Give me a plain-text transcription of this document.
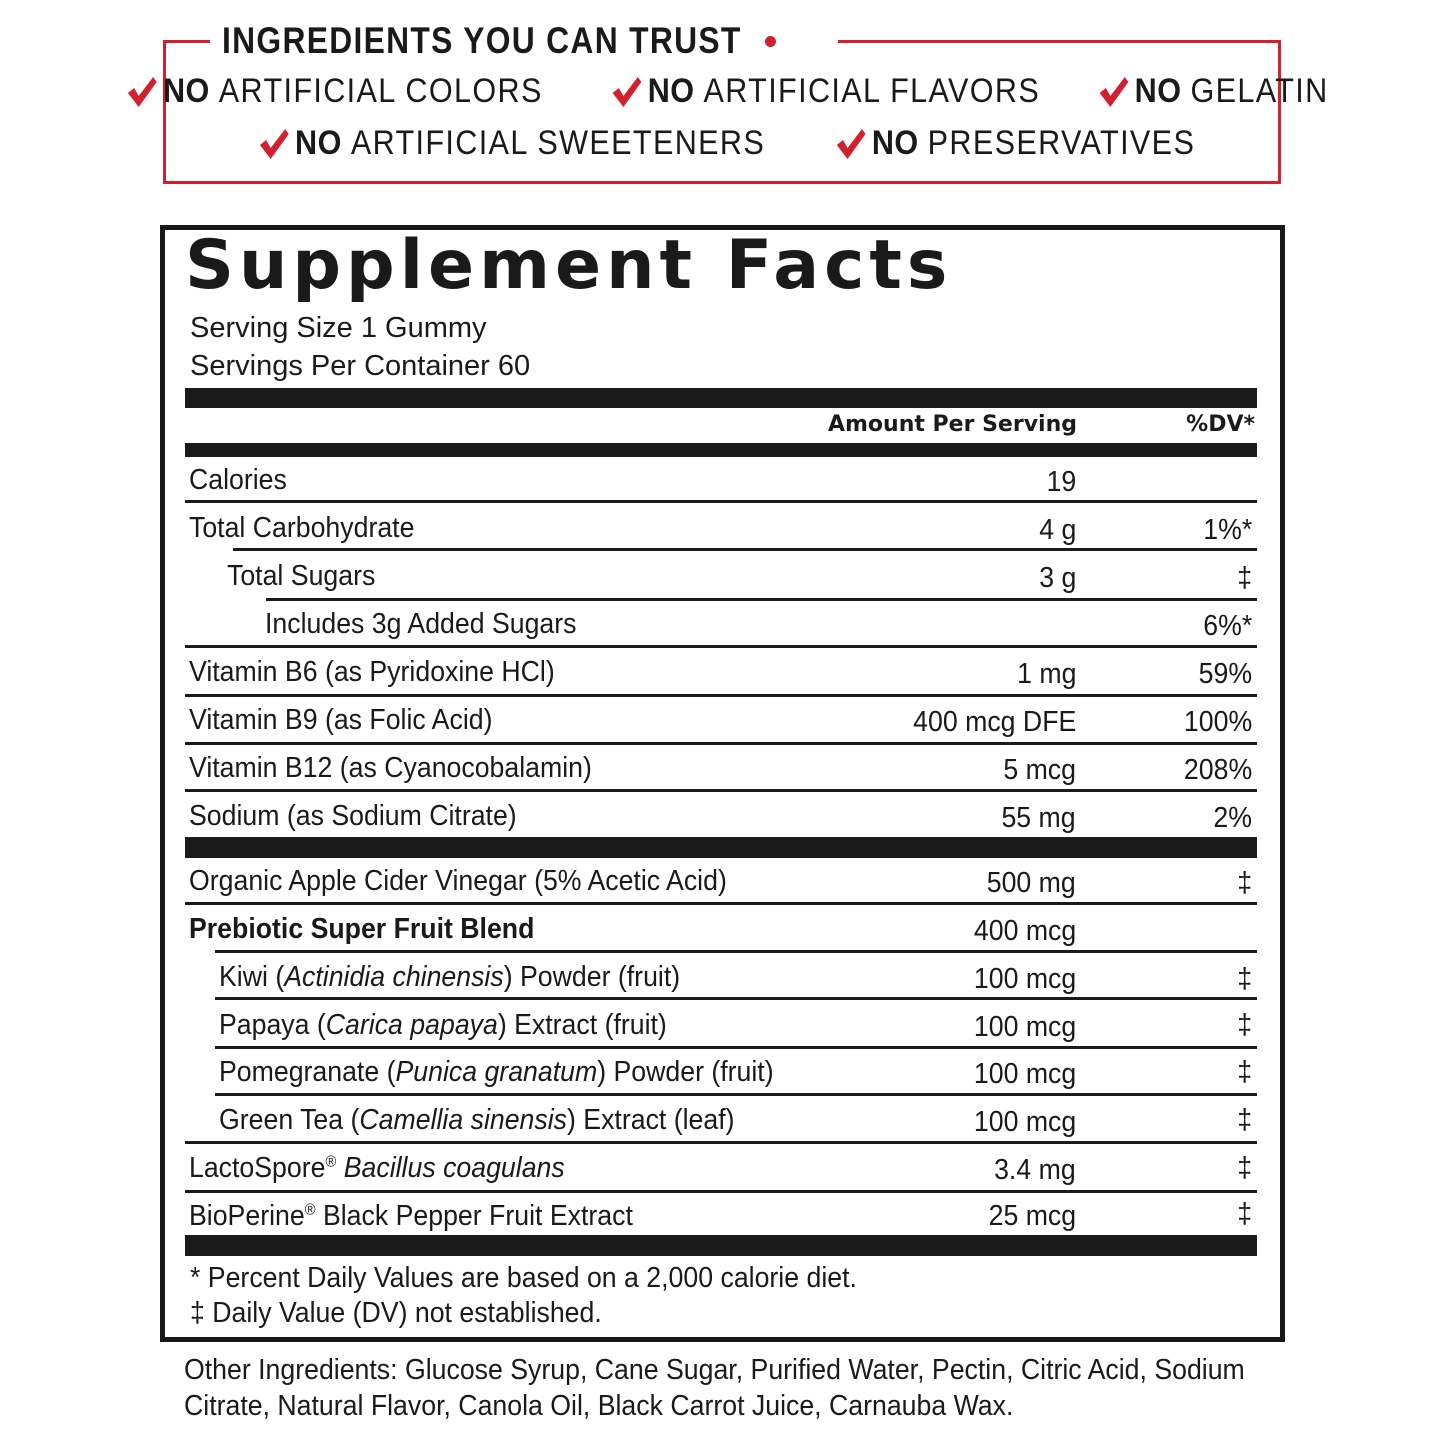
INGREDIENTS YOU CAN TRUST
NO ARTIFICIAL COLORS	NO ARTIFICIAL FLAVORS	NO GELATIN
NO ARTIFICIAL SWEETENERS	NO PRESERVATIVES
Supplement Facts
Serving Size 1 Gummy
Servings Per Container 60
Amount Per Serving	%DV*
Calories	19
Total Carbohydrate	4 g	1%*
Total Sugars	3 g	‡
Includes 3g Added Sugars	6%*
Vitamin B6 (as Pyridoxine HCl)	1 mg	59%
Vitamin B9 (as Folic Acid)	400 mcg DFE	100%
Vitamin B12 (as Cyanocobalamin)	5 mcg	208%
Sodium (as Sodium Citrate)	55 mg	2%
Organic Apple Cider Vinegar (5% Acetic Acid)	500 mg	‡
Prebiotic Super Fruit Blend	400 mcg
Kiwi (Actinidia chinensis) Powder (fruit)	100 mcg	‡
Papaya (Carica papaya) Extract (fruit)	100 mcg	‡
Pomegranate (Punica granatum) Powder (fruit)	100 mcg	‡
Green Tea (Camellia sinensis) Extract (leaf)	100 mcg	‡
LactoSpore® Bacillus coagulans	3.4 mg	‡
BioPerine® Black Pepper Fruit Extract	25 mcg	‡
* Percent Daily Values are based on a 2,000 calorie diet.
‡ Daily Value (DV) not established.
Other Ingredients: Glucose Syrup, Cane Sugar, Purified Water, Pectin, Citric Acid, Sodium Citrate, Natural Flavor, Canola Oil, Black Carrot Juice, Carnauba Wax.
